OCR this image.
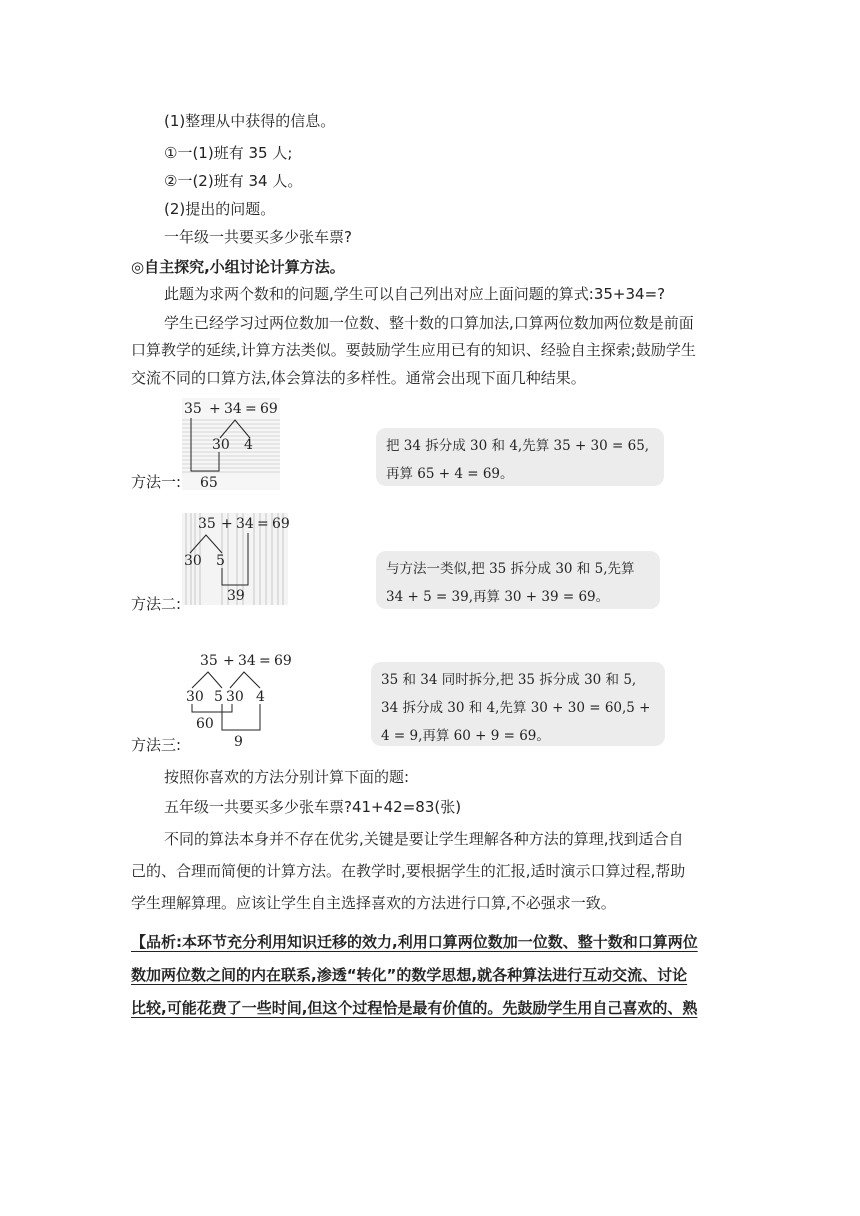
(1)整理从中获得的信息。
①一(1)班有 35 人;
②一(2)班有 34 人。
(2)提出的问题。
一年级一共要买多少张车票?
◎自主探究,小组讨论计算方法。
此题为求两个数和的问题,学生可以自己列出对应上面问题的算式:35+34=?
学生已经学习过两位数加一位数、整十数的口算加法,口算两位数加两位数是前面
口算教学的延续,计算方法类似。要鼓励学生应用已有的知识、经验自主探索;鼓励学生
交流不同的口算方法,体会算法的多样性。通常会出现下面几种结果。
方法一:
35 + 34 = 69
30 4
65
把 34 拆分成 30 和 4,先算 35 + 30 = 65,
再算 65 + 4 = 69。
方法二:
35 + 34 = 69
30 5
39
与方法一类似,把 35 拆分成 30 和 5,先算
34 + 5 = 39,再算 30 + 39 = 69。
方法三:
35 + 34 = 69
30 5 30 4
60
9
35 和 34 同时拆分,把 35 拆分成 30 和 5,
34 拆分成 30 和 4,先算 30 + 30 = 60,5 +
4 = 9,再算 60 + 9 = 69。
按照你喜欢的方法分别计算下面的题:
五年级一共要买多少张车票?41+42=83(张)
不同的算法本身并不存在优劣,关键是要让学生理解各种方法的算理,找到适合自
己的、合理而简便的计算方法。在教学时,要根据学生的汇报,适时演示口算过程,帮助
学生理解算理。应该让学生自主选择喜欢的方法进行口算,不必强求一致。
【品析:本环节充分利用知识迁移的效力,利用口算两位数加一位数、整十数和口算两位
数加两位数之间的内在联系,渗透“转化”的数学思想,就各种算法进行互动交流、讨论
比较,可能花费了一些时间,但这个过程恰是最有价值的。先鼓励学生用自己喜欢的、熟
